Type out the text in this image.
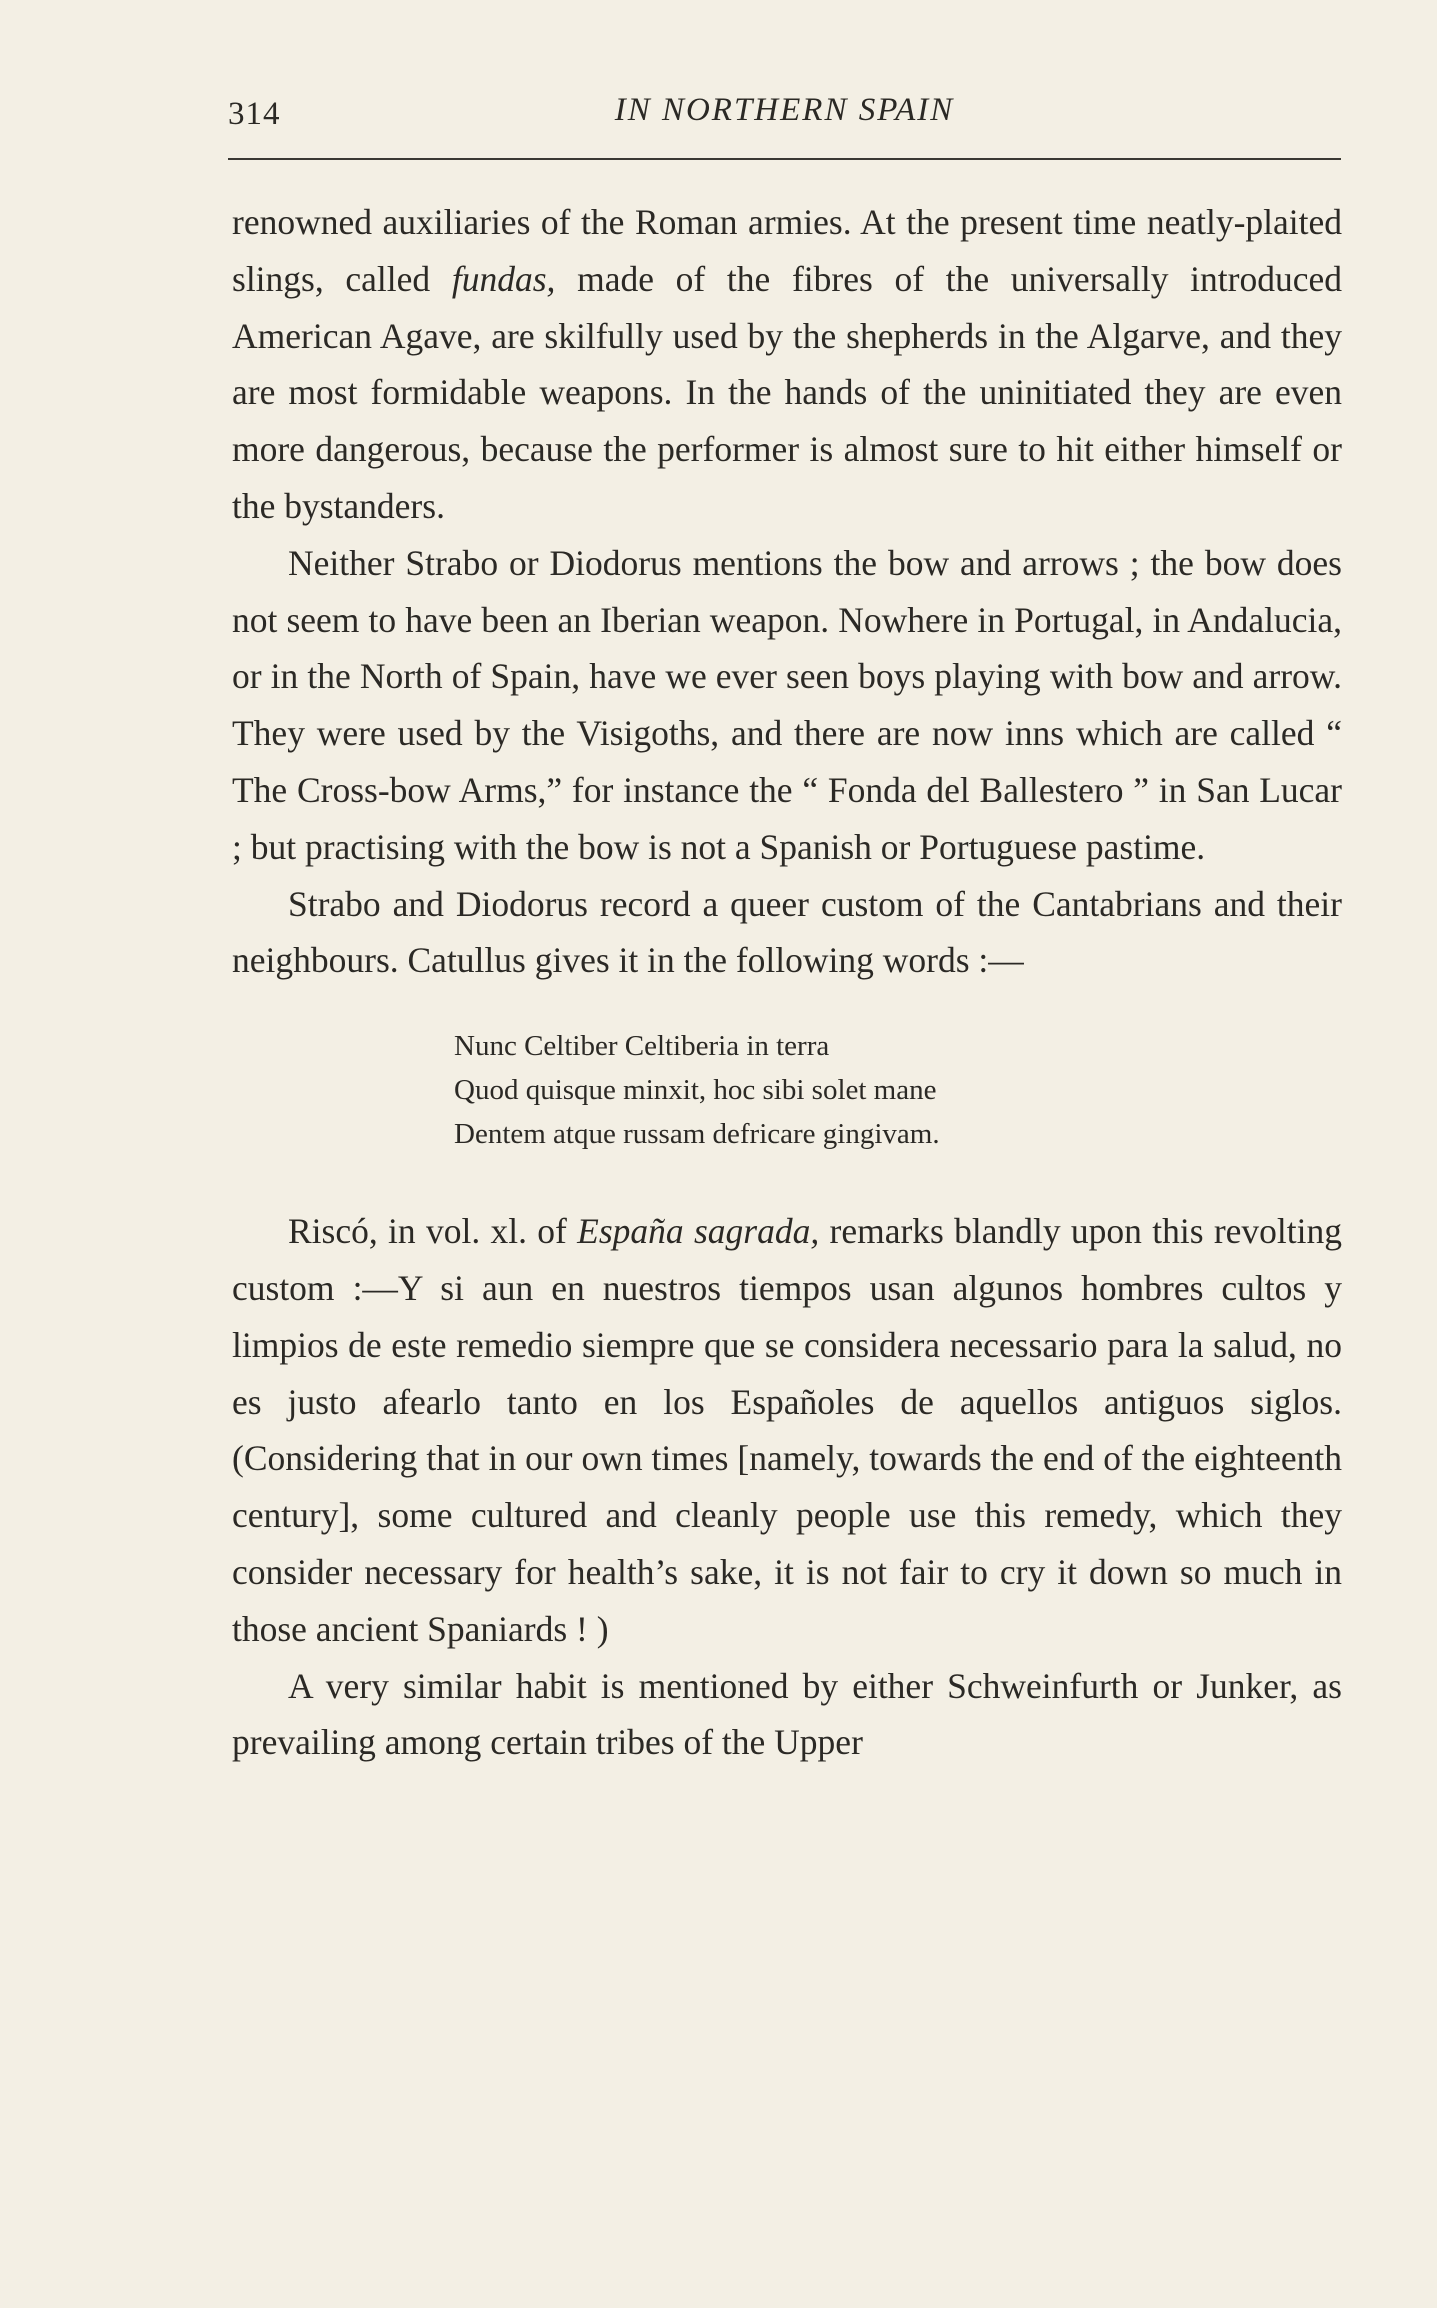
314	IN NORTHERN SPAIN

renowned auxiliaries of the Roman armies. At the present time neatly-plaited slings, called fundas, made of the fibres of the universally introduced American Agave, are skilfully used by the shepherds in the Algarve, and they are most formidable weapons. In the hands of the uninitiated they are even more dangerous, because the performer is almost sure to hit either himself or the bystanders.

Neither Strabo or Diodorus mentions the bow and arrows ; the bow does not seem to have been an Iberian weapon. Nowhere in Portugal, in Andalucia, or in the North of Spain, have we ever seen boys playing with bow and arrow. They were used by the Visigoths, and there are now inns which are called “ The Cross-bow Arms,” for instance the “ Fonda del Ballestero ” in San Lucar ; but practising with the bow is not a Spanish or Portuguese pastime.

Strabo and Diodorus record a queer custom of the Cantabrians and their neighbours. Catullus gives it in the following words :—

Nunc Celtiber Celtiberia in terra
Quod quisque minxit, hoc sibi solet mane
Dentem atque russam defricare gingivam.

Riscó, in vol. xl. of España sagrada, remarks blandly upon this revolting custom :—Y si aun en nuestros tiempos usan algunos hombres cultos y limpios de este remedio siempre que se considera necessario para la salud, no es justo afearlo tanto en los Españoles de aquellos antiguos siglos. (Considering that in our own times [namely, towards the end of the eighteenth century], some cultured and cleanly people use this remedy, which they consider necessary for health’s sake, it is not fair to cry it down so much in those ancient Spaniards ! )

A very similar habit is mentioned by either Schweinfurth or Junker, as prevailing among certain tribes of the Upper
